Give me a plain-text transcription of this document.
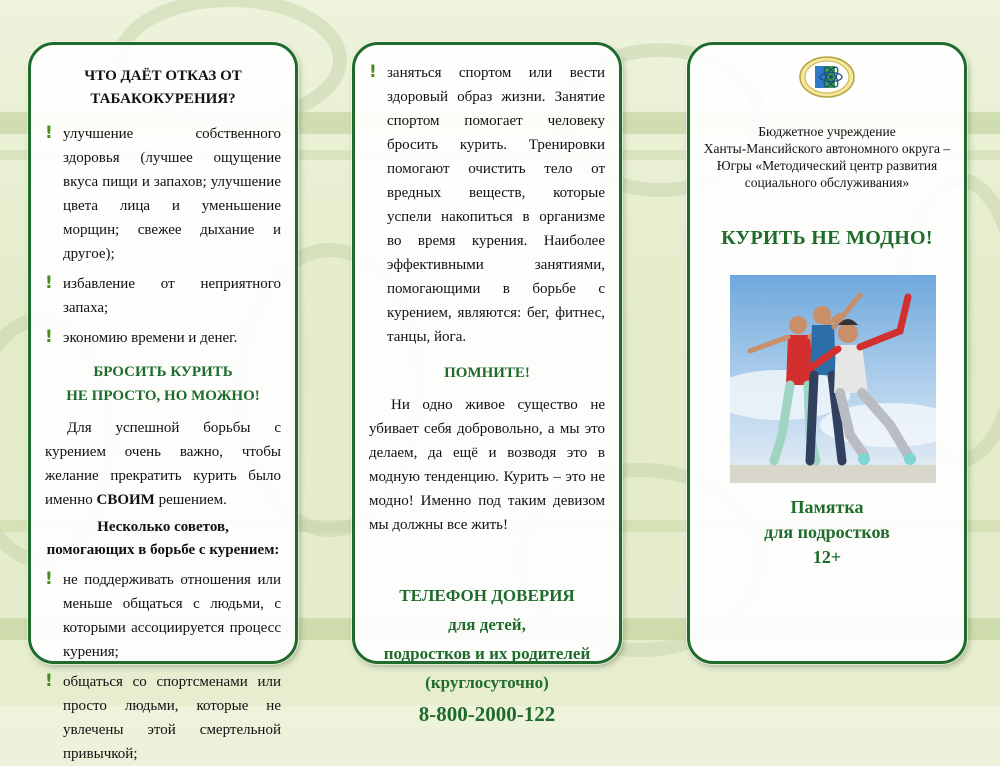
ЧТО ДАЁТ ОТКАЗ ОТ ТАБАКОКУРЕНИЯ?
! улучшение собственного здоровья (лучшее ощущение вкуса пищи и запахов; улучшение цвета лица и уменьшение морщин; свежее дыхание и другое);
! избавление от неприятного запаха;
! экономию времени и денег.
БРОСИТЬ КУРИТЬ
НЕ ПРОСТО, НО МОЖНО!
Для успешной борьбы с курением очень важно, чтобы желание прекратить курить было именно СВОИМ решением.
Несколько советов,
помогающих в борьбе с курением:
! не поддерживать отношения или меньше общаться с людьми, с которыми ассоциируется процесс курения;
! общаться со спортсменами или просто людьми, которые не увлечены этой смертельной привычкой;
! заняться спортом или вести здоровый образ жизни. Занятие спортом помогает человеку бросить курить. Тренировки помогают очистить тело от вредных веществ, которые успели накопиться в организме во время курения. Наиболее эффективными занятиями, помогающими в борьбе с курением, являются: бег, фитнес, танцы, йога.
ПОМНИТЕ!
Ни одно живое существо не убивает себя добровольно, а мы это делаем, да ещё и возводя это в модную тенденцию. Курить – это не модно! Именно под таким девизом мы должны все жить!
ТЕЛЕФОН ДОВЕРИЯ
для детей,
подростков и их родителей
(круглосуточно)
8-800-2000-122
Бюджетное учреждение
Ханты-Мансийского автономного округа –
Югры «Методический центр развития
социального обслуживания»
КУРИТЬ НЕ МОДНО!
Памятка
для подростков
12+
